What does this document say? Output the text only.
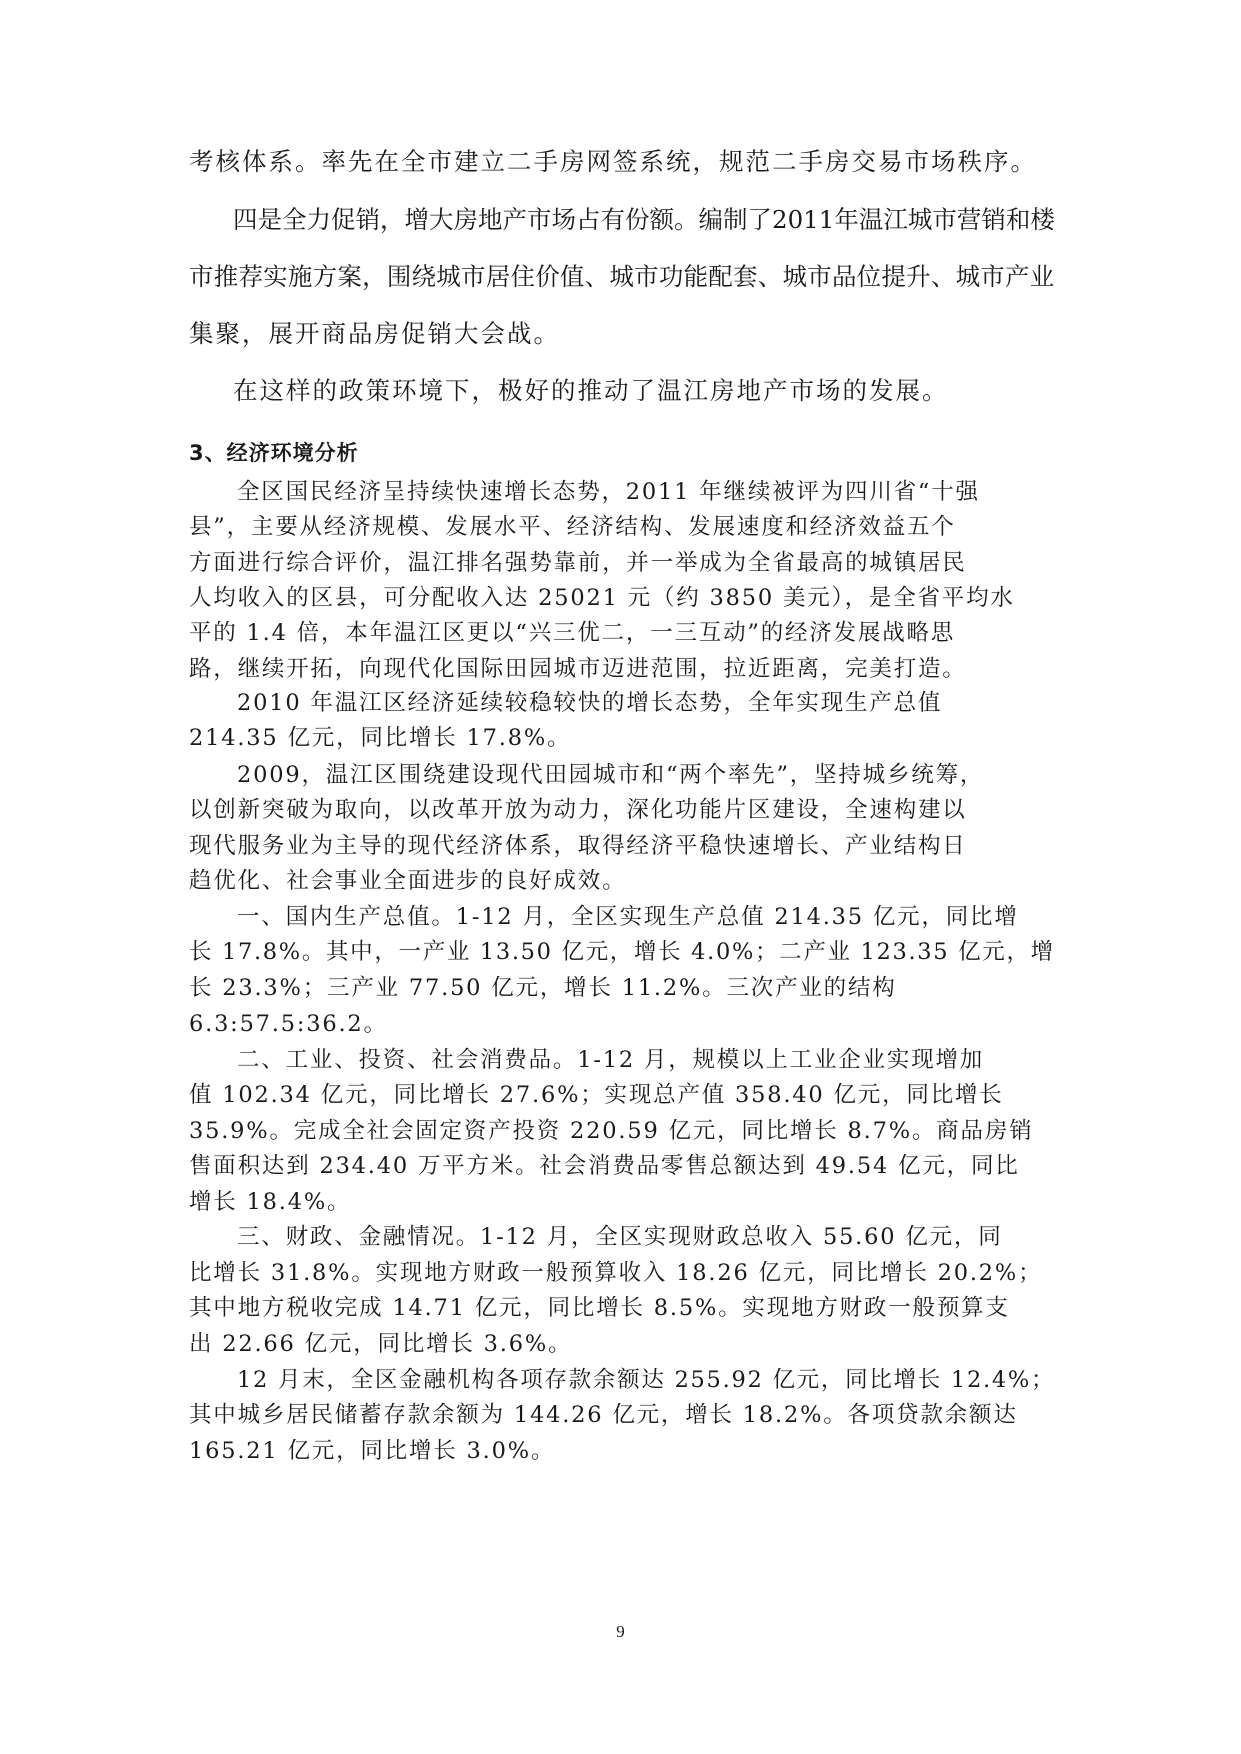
考核体系。率先在全市建立二手房网签系统，规范二手房交易市场秩序。

四是全力促销，增大房地产市场占有份额。编制了2011年温江城市营销和楼

市推荐实施方案，围绕城市居住价值、城市功能配套、城市品位提升、城市产业

集聚，展开商品房促销大会战。

在这样的政策环境下，极好的推动了温江房地产市场的发展。

3、经济环境分析

全区国民经济呈持续快速增长态势，2011 年继续被评为四川省“十强

县”，主要从经济规模、发展水平、经济结构、发展速度和经济效益五个

方面进行综合评价，温江排名强势靠前，并一举成为全省最高的城镇居民

人均收入的区县，可分配收入达 25021 元（约 3850 美元），是全省平均水

平的 1.4 倍，本年温江区更以“兴三优二，一三互动”的经济发展战略思

路，继续开拓，向现代化国际田园城市迈进范围，拉近距离，完美打造。

2010 年温江区经济延续较稳较快的增长态势，全年实现生产总值

214.35 亿元，同比增长 17.8%。

2009，温江区围绕建设现代田园城市和“两个率先”，坚持城乡统筹，

以创新突破为取向，以改革开放为动力，深化功能片区建设，全速构建以

现代服务业为主导的现代经济体系，取得经济平稳快速增长、产业结构日

趋优化、社会事业全面进步的良好成效。

一、国内生产总值。1-12 月，全区实现生产总值 214.35 亿元，同比增

长 17.8%。其中，一产业 13.50 亿元，增长 4.0%；二产业 123.35 亿元，增

长 23.3%；三产业 77.50 亿元，增长 11.2%。三次产业的结构

6.3:57.5:36.2。

二、工业、投资、社会消费品。1-12 月，规模以上工业企业实现增加

值 102.34 亿元，同比增长 27.6%；实现总产值 358.40 亿元，同比增长

35.9%。完成全社会固定资产投资 220.59 亿元，同比增长 8.7%。商品房销

售面积达到 234.40 万平方米。社会消费品零售总额达到 49.54 亿元，同比

增长 18.4%。

三、财政、金融情况。1-12 月，全区实现财政总收入 55.60 亿元，同

比增长 31.8%。实现地方财政一般预算收入 18.26 亿元，同比增长 20.2%；

其中地方税收完成 14.71 亿元，同比增长 8.5%。实现地方财政一般预算支

出 22.66 亿元，同比增长 3.6%。

12 月末，全区金融机构各项存款余额达 255.92 亿元，同比增长 12.4%；

其中城乡居民储蓄存款余额为 144.26 亿元，增长 18.2%。各项贷款余额达

165.21 亿元，同比增长 3.0%。

9
